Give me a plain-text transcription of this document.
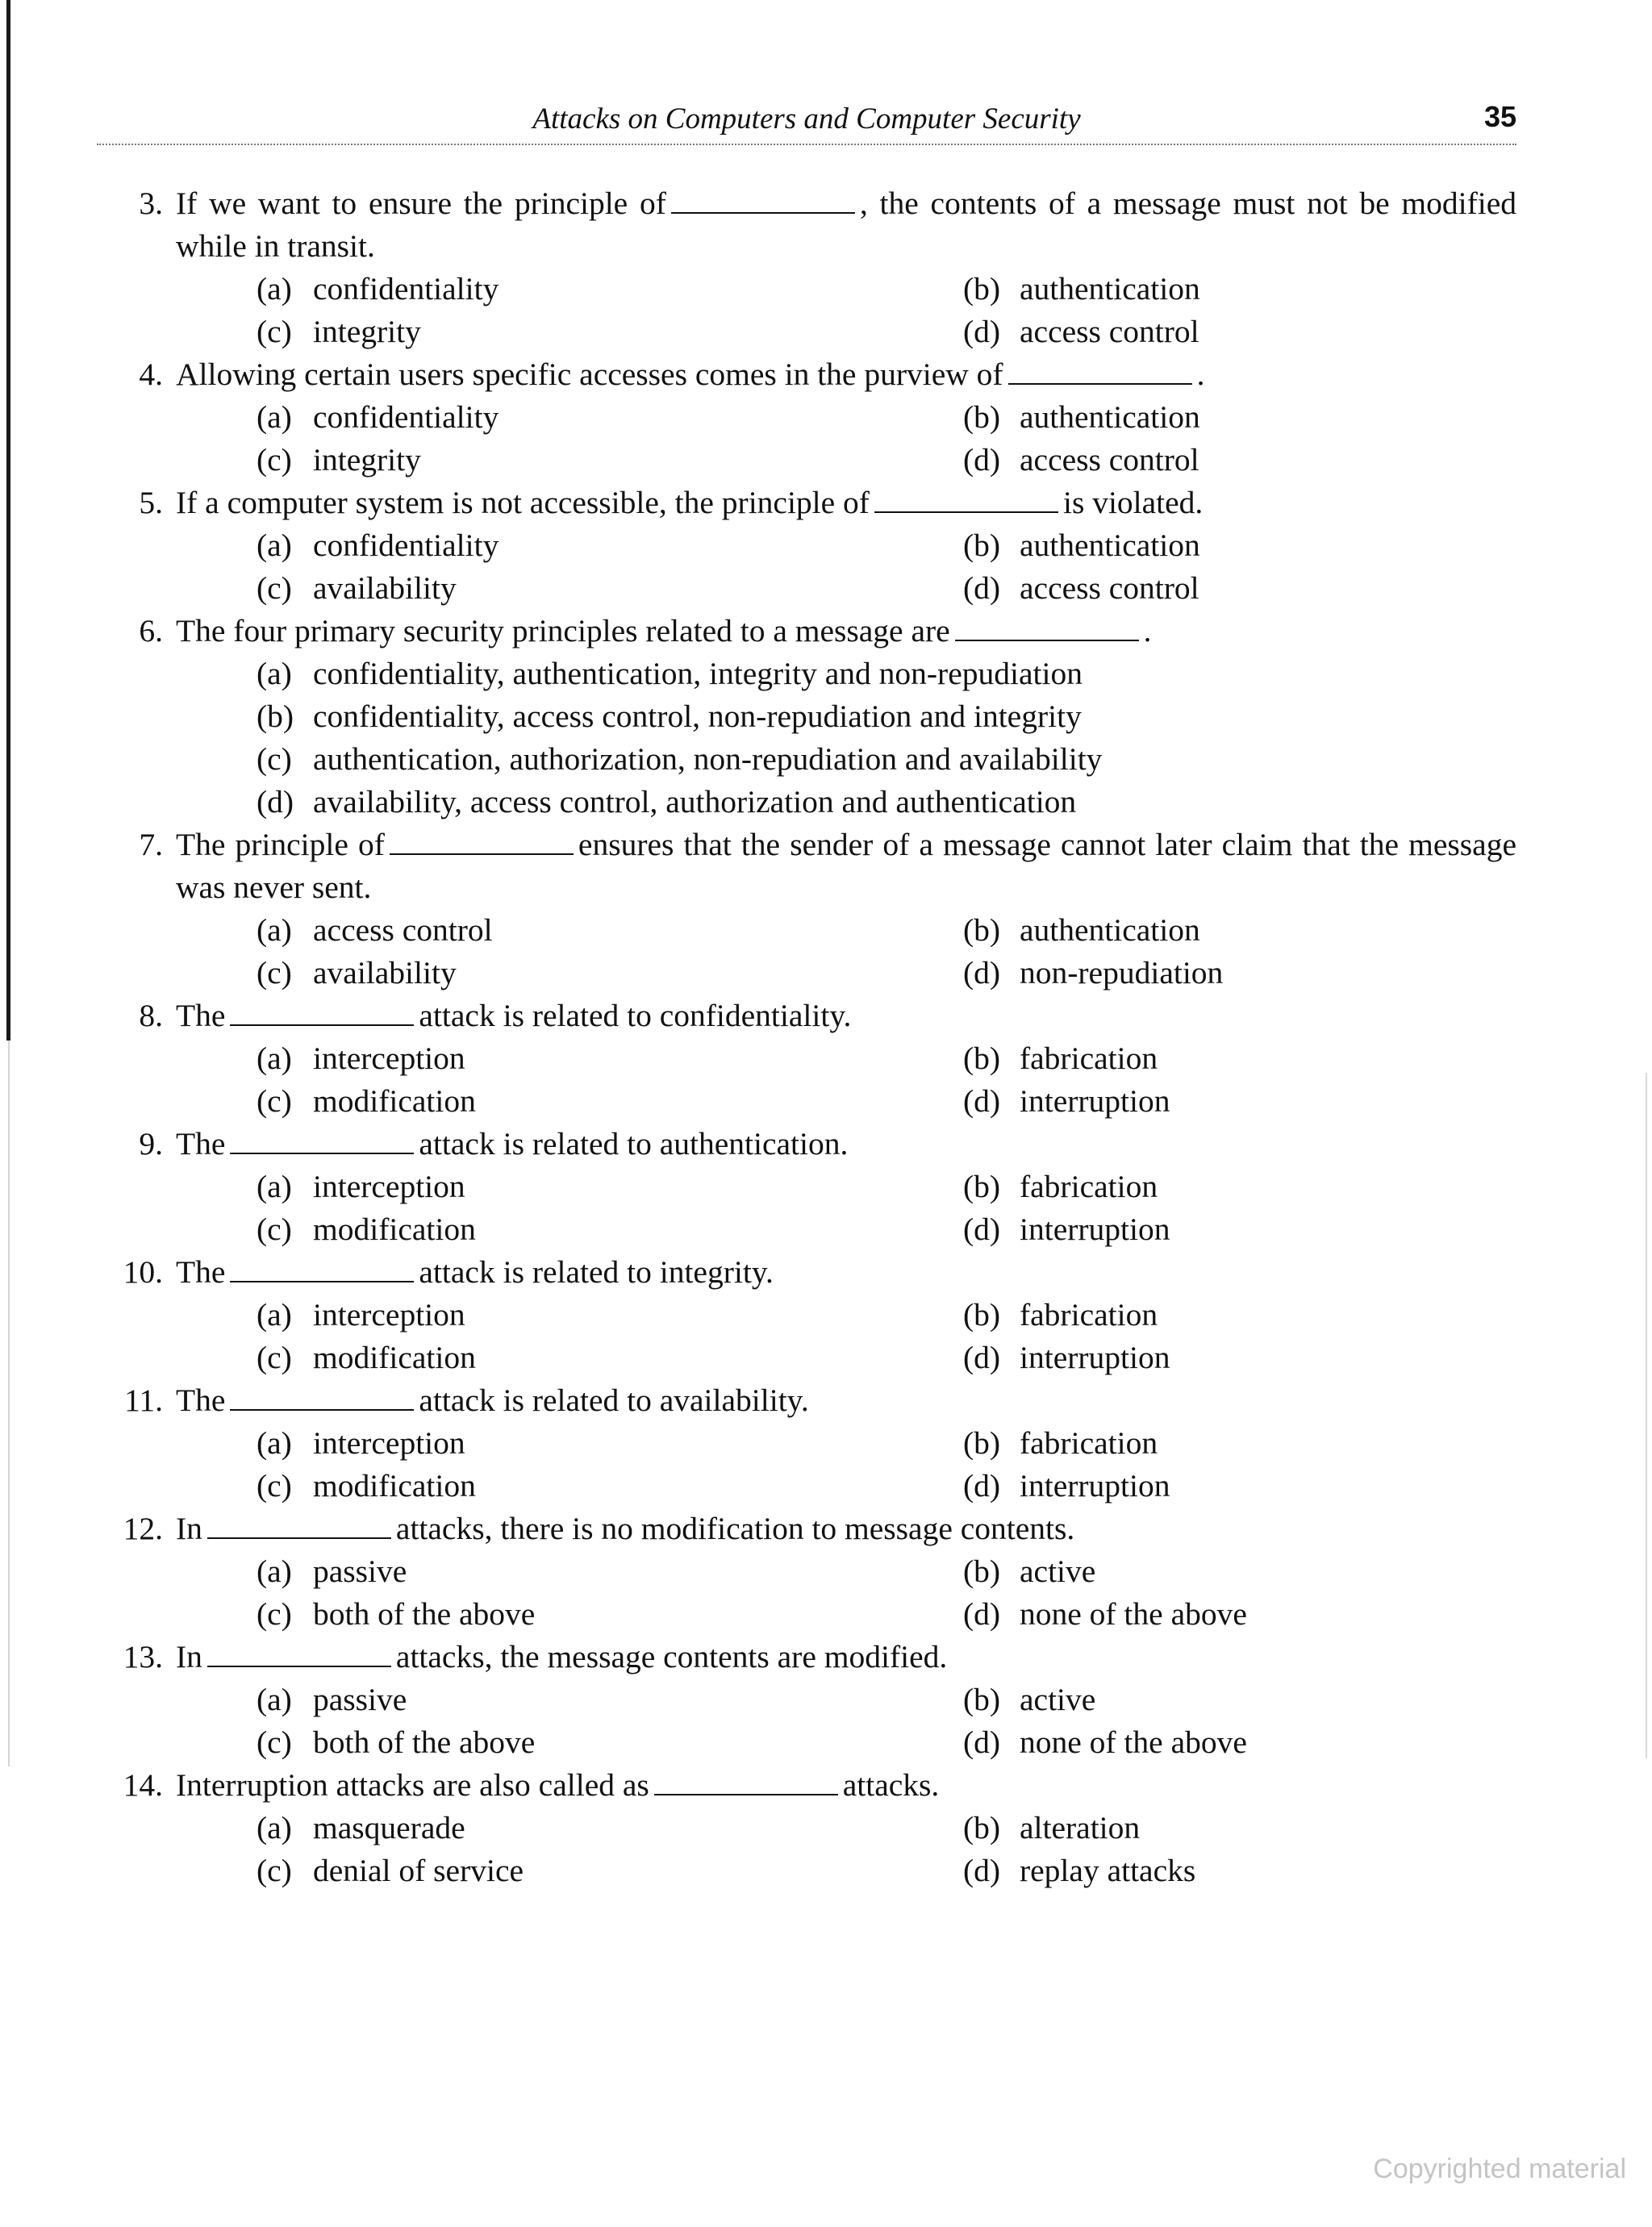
Attacks on Computers and Computer Security	35
3. If we want to ensure the principle of	, the contents of a message must not be modified while in transit.
(a) confidentiality	(b) authentication
(c) integrity	(d) access control
4. Allowing certain users specific accesses comes in the purview of	.
(a) confidentiality	(b) authentication
(c) integrity	(d) access control
5. If a computer system is not accessible, the principle of	is violated.
(a) confidentiality	(b) authentication
(c) availability	(d) access control
6. The four primary security principles related to a message are	.
(a) confidentiality, authentication, integrity and non-repudiation
(b) confidentiality, access control, non-repudiation and integrity
(c) authentication, authorization, non-repudiation and availability
(d) availability, access control, authorization and authentication
7. The principle of	ensures that the sender of a message cannot later claim that the message was never sent.
(a) access control	(b) authentication
(c) availability	(d) non-repudiation
8. The	attack is related to confidentiality.
(a) interception	(b) fabrication
(c) modification	(d) interruption
9. The	attack is related to authentication.
(a) interception	(b) fabrication
(c) modification	(d) interruption
10. The	attack is related to integrity.
(a) interception	(b) fabrication
(c) modification	(d) interruption
11. The	attack is related to availability.
(a) interception	(b) fabrication
(c) modification	(d) interruption
12. In	attacks, there is no modification to message contents.
(a) passive	(b) active
(c) both of the above	(d) none of the above
13. In	attacks, the message contents are modified.
(a) passive	(b) active
(c) both of the above	(d) none of the above
14. Interruption attacks are also called as	attacks.
(a) masquerade	(b) alteration
(c) denial of service	(d) replay attacks
Copyrighted material
